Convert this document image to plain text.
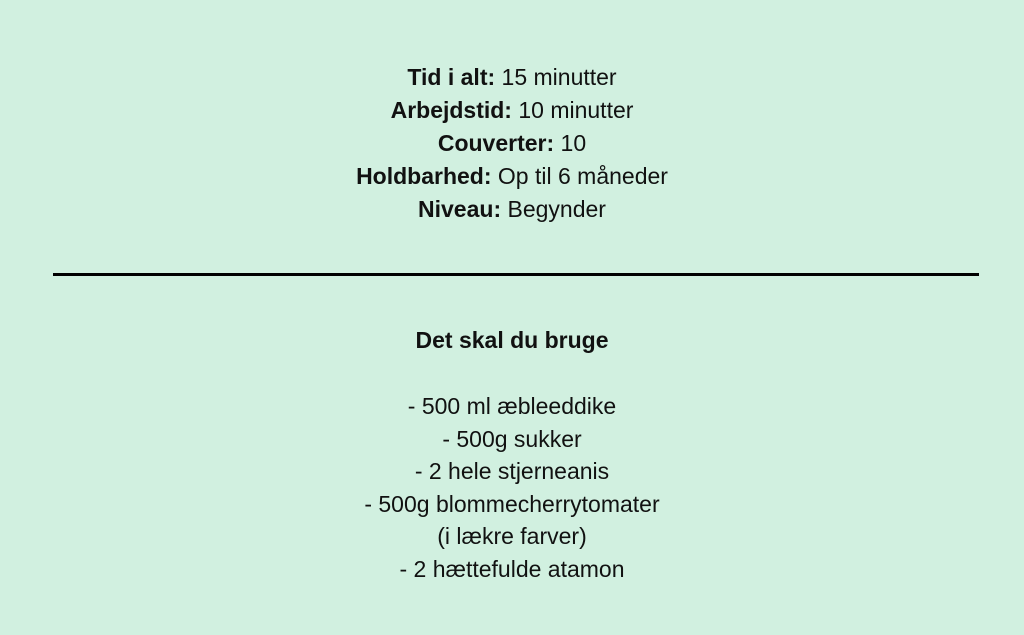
Tid i alt: 15 minutter
Arbejdstid: 10 minutter
Couverter: 10
Holdbarhed: Op til 6 måneder
Niveau: Begynder
Det skal du bruge
- 500 ml æbleeddike
- 500g sukker
- 2 hele stjerneanis
- 500g blommecherrytomater
(i lækre farver)
- 2 hættefulde atamon
